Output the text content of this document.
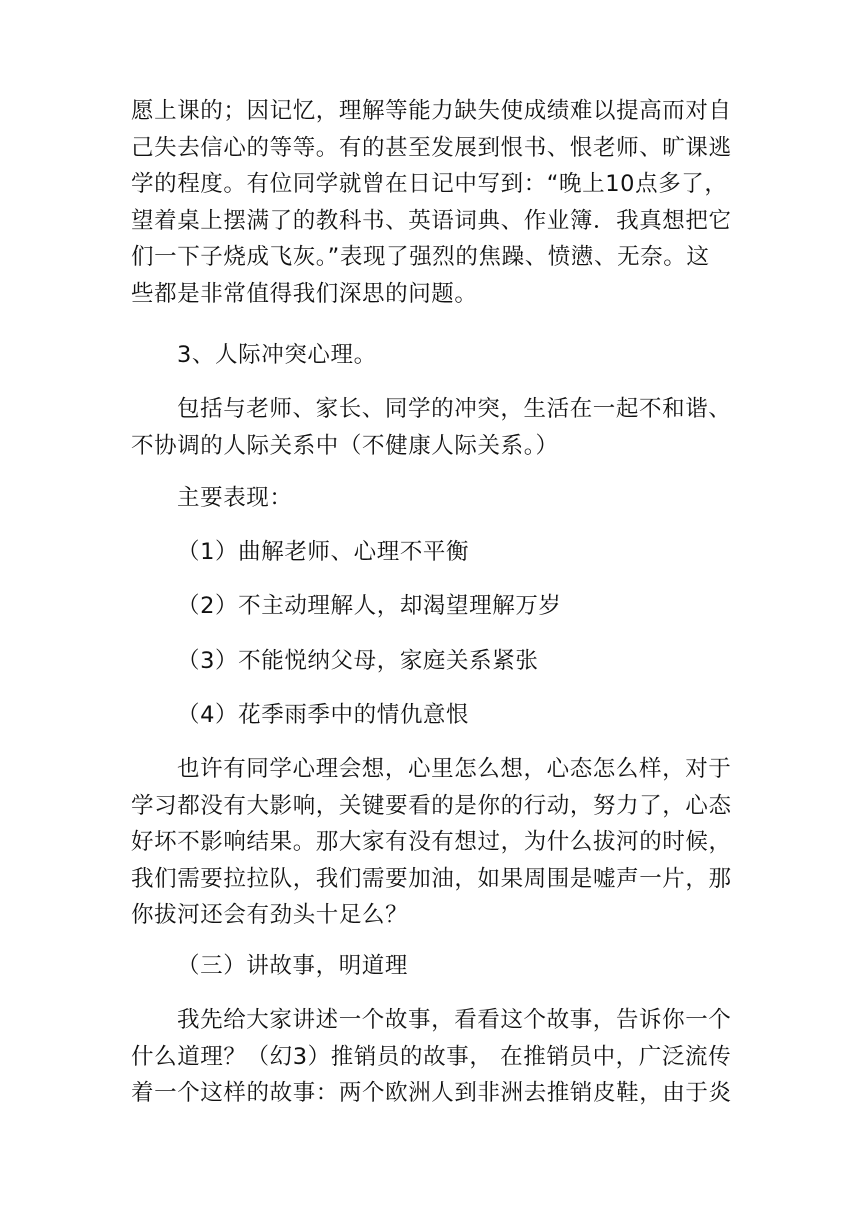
愿上课的；因记忆，理解等能力缺失使成绩难以提高而对自
己失去信心的等等。有的甚至发展到恨书、恨老师、旷课逃
学的程度。有位同学就曾在日记中写到：“晚上10点多了，
望着桌上摆满了的教科书、英语词典、作业簿．我真想把它
们一下子烧成飞灰。”表现了强烈的焦躁、愤懑、无奈。这
些都是非常值得我们深思的问题。
3、人际冲突心理。
包括与老师、家长、同学的冲突，生活在一起不和谐、
不协调的人际关系中（不健康人际关系。）
主要表现：
（1）曲解老师、心理不平衡
（2）不主动理解人，却渴望理解万岁
（3）不能悦纳父母，家庭关系紧张
（4）花季雨季中的情仇意恨
也许有同学心理会想，心里怎么想，心态怎么样，对于
学习都没有大影响，关键要看的是你的行动，努力了，心态
好坏不影响结果。那大家有没有想过，为什么拔河的时候，
我们需要拉拉队，我们需要加油，如果周围是嘘声一片，那
你拔河还会有劲头十足么？
（三）讲故事，明道理
我先给大家讲述一个故事，看看这个故事，告诉你一个
什么道理？（幻3）推销员的故事， 在推销员中，广泛流传
着一个这样的故事：两个欧洲人到非洲去推销皮鞋，由于炎
